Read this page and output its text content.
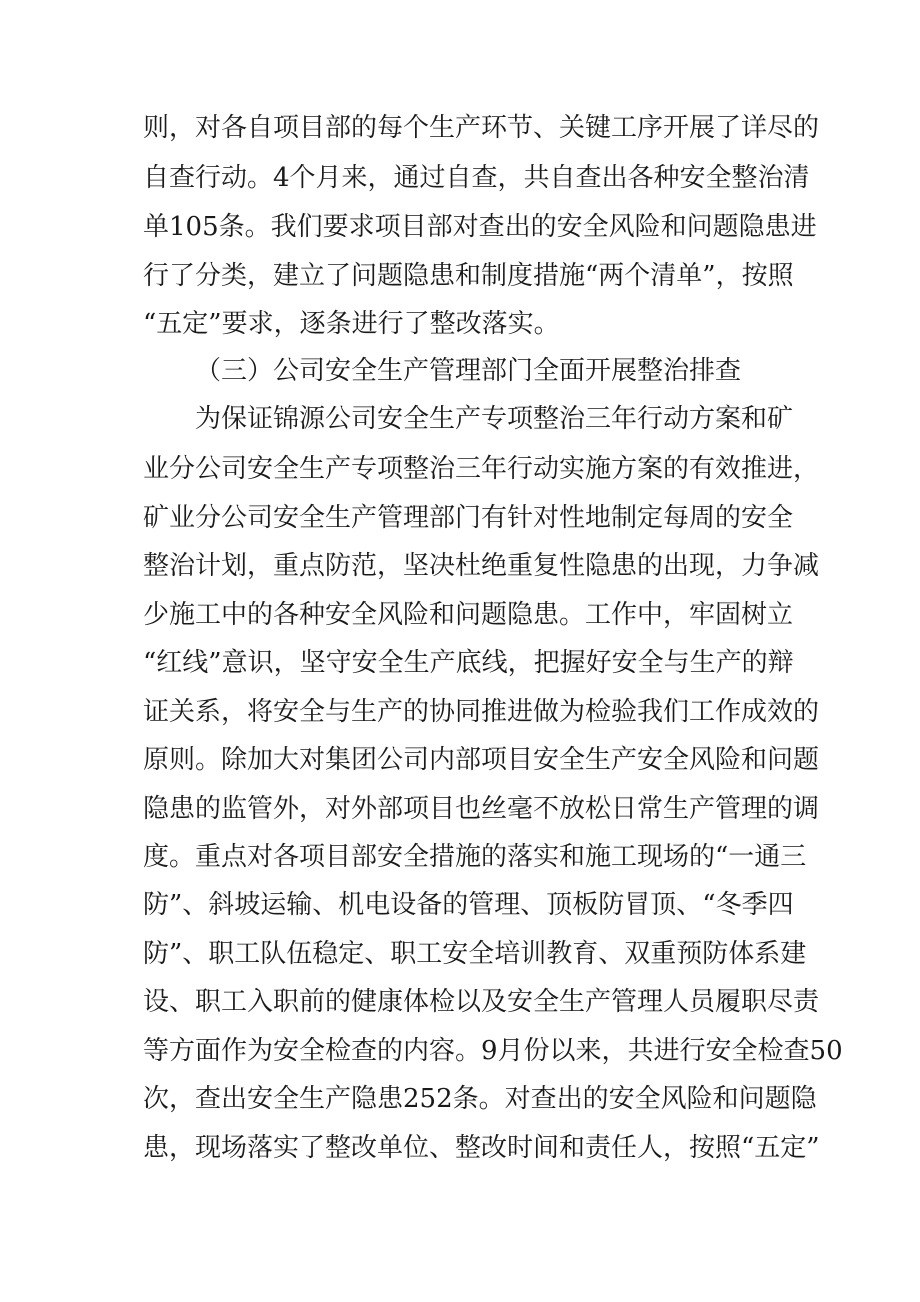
则，对各自项目部的每个生产环节、关键工序开展了详尽的
自查行动。4个月来，通过自查，共自查出各种安全整治清
单105条。我们要求项目部对查出的安全风险和问题隐患进
行了分类，建立了问题隐患和制度措施“两个清单”，按照
“五定”要求，逐条进行了整改落实。
（三）公司安全生产管理部门全面开展整治排查
为保证锦源公司安全生产专项整治三年行动方案和矿
业分公司安全生产专项整治三年行动实施方案的有效推进，
矿业分公司安全生产管理部门有针对性地制定每周的安全
整治计划，重点防范，坚决杜绝重复性隐患的出现，力争减
少施工中的各种安全风险和问题隐患。工作中，牢固树立
“红线”意识，坚守安全生产底线，把握好安全与生产的辩
证关系，将安全与生产的协同推进做为检验我们工作成效的
原则。除加大对集团公司内部项目安全生产安全风险和问题
隐患的监管外，对外部项目也丝毫不放松日常生产管理的调
度。重点对各项目部安全措施的落实和施工现场的“一通三
防”、斜坡运输、机电设备的管理、顶板防冒顶、“冬季四
防”、职工队伍稳定、职工安全培训教育、双重预防体系建
设、职工入职前的健康体检以及安全生产管理人员履职尽责
等方面作为安全检查的内容。9月份以来，共进行安全检查50
次，查出安全生产隐患252条。对查出的安全风险和问题隐
患，现场落实了整改单位、整改时间和责任人，按照“五定”
